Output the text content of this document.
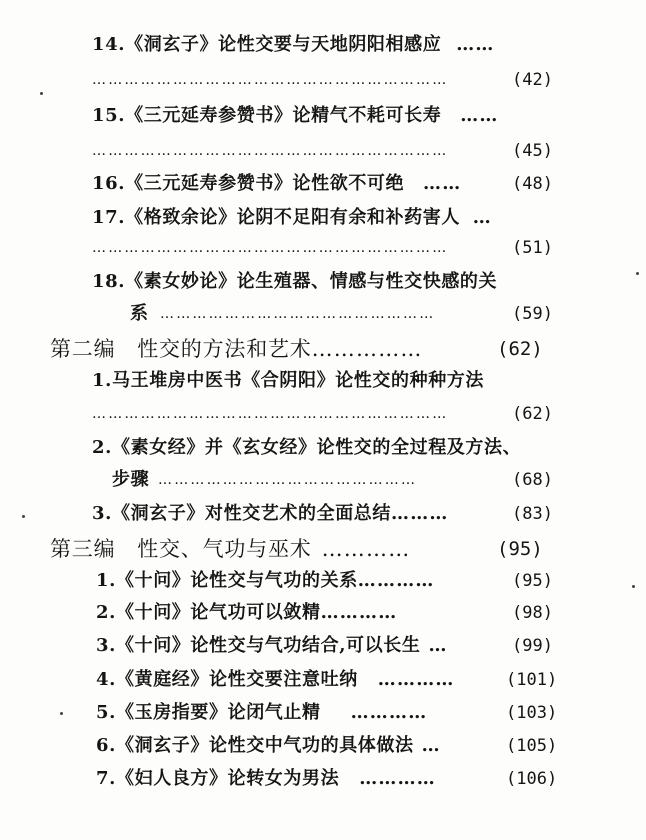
14.《洞玄子》论性交要与天地阴阳相感应 ……
…………………………………………………………	(42)
15.《三元延寿参赞书》论精气不耗可长寿 ……
…………………………………………………………	(45)
16.《三元延寿参赞书》论性欲不可绝 ……	(48)
17.《格致余论》论阴不足阳有余和补药害人 …
…………………………………………………………	(51)
18.《素女妙论》论生殖器、情感与性交快感的关
系 ……………………………………………	(59)
第二编　性交的方法和艺术……………	(62)
1.马王堆房中医书《合阴阳》论性交的种种方法
…………………………………………………………	(62)
2.《素女经》并《玄女经》论性交的全过程及方法、
步骤 …………………………………………	(68)
3.《洞玄子》对性交艺术的全面总结………	(83)
第三编　性交、气功与巫术 …………	(95)
1.《十问》论性交与气功的关系…………	(95)
2.《十问》论气功可以敛精…………	(98)
3.《十问》论性交与气功结合,可以长生 …	(99)
4.《黄庭经》论性交要注意吐纳 …………	(101)
5.《玉房指要》论闭气止精 …………	(103)
6.《洞玄子》论性交中气功的具体做法 …	(105)
7.《妇人良方》论转女为男法 …………	(106)
